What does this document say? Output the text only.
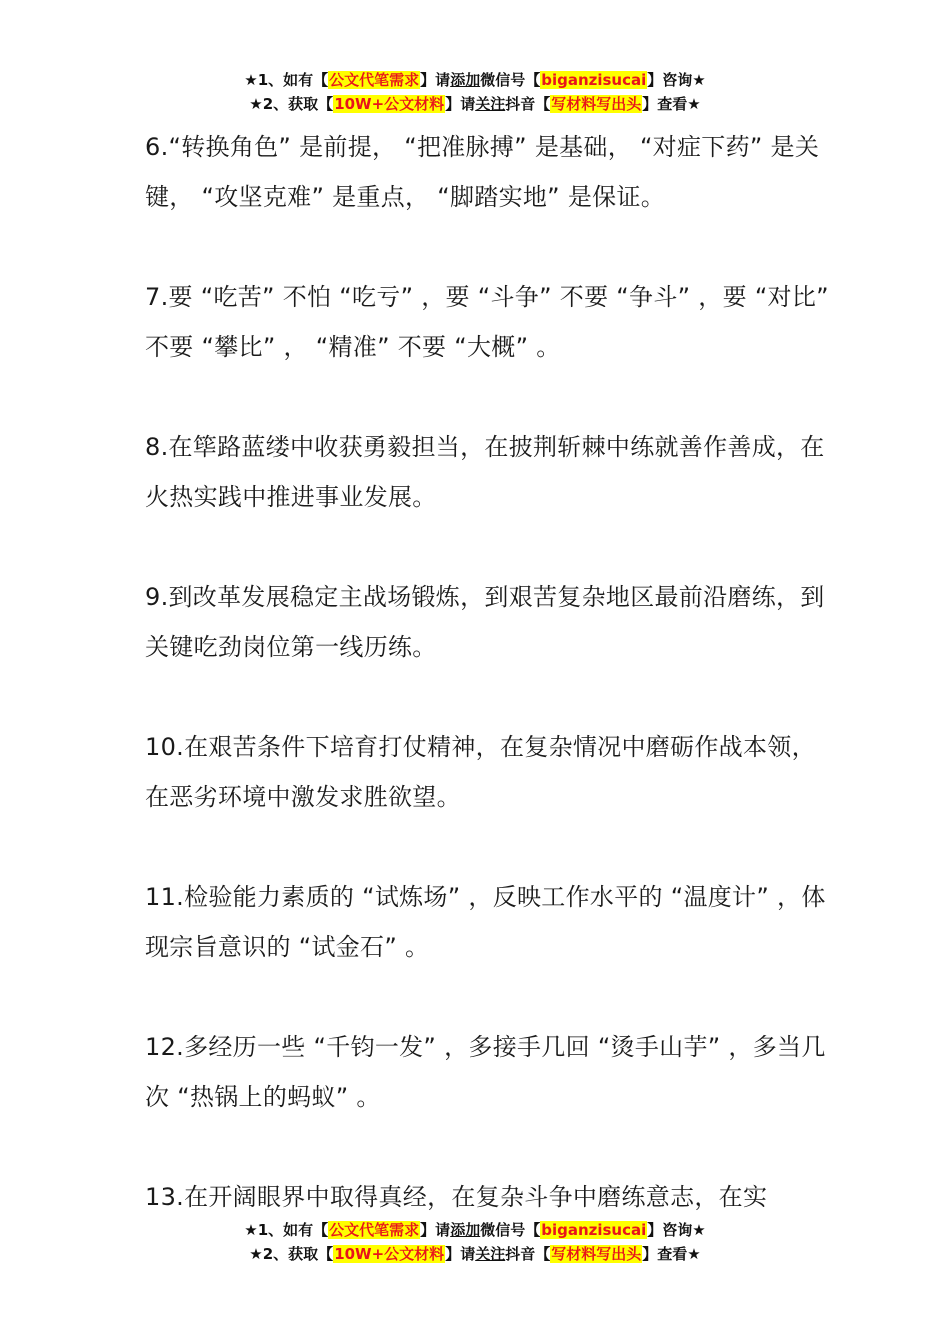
★1、如有【公文代笔需求】请添加微信号【biganzisucai】咨询★
★2、获取【10W+公文材料】请关注抖音【写材料写出头】查看★

6.“转换角色” 是前提， “把准脉搏” 是基础， “对症下药” 是关键， “攻坚克难” 是重点， “脚踏实地” 是保证。

7.要 “吃苦” 不怕 “吃亏” ，要 “斗争” 不要 “争斗” ，要 “对比” 不要 “攀比” ， “精准” 不要 “大概” 。

8.在筚路蓝缕中收获勇毅担当，在披荆斩棘中练就善作善成，在火热实践中推进事业发展。

9.到改革发展稳定主战场锻炼，到艰苦复杂地区最前沿磨练，到关键吃劲岗位第一线历练。

10.在艰苦条件下培育打仗精神，在复杂情况中磨砺作战本领，在恶劣环境中激发求胜欲望。

11.检验能力素质的 “试炼场” ，反映工作水平的 “温度计” ，体现宗旨意识的 “试金石” 。

12.多经历一些 “千钧一发” ，多接手几回 “烫手山芋” ，多当几次 “热锅上的蚂蚁” 。

13.在开阔眼界中取得真经，在复杂斗争中磨练意志，在实

★1、如有【公文代笔需求】请添加微信号【biganzisucai】咨询★
★2、获取【10W+公文材料】请关注抖音【写材料写出头】查看★
